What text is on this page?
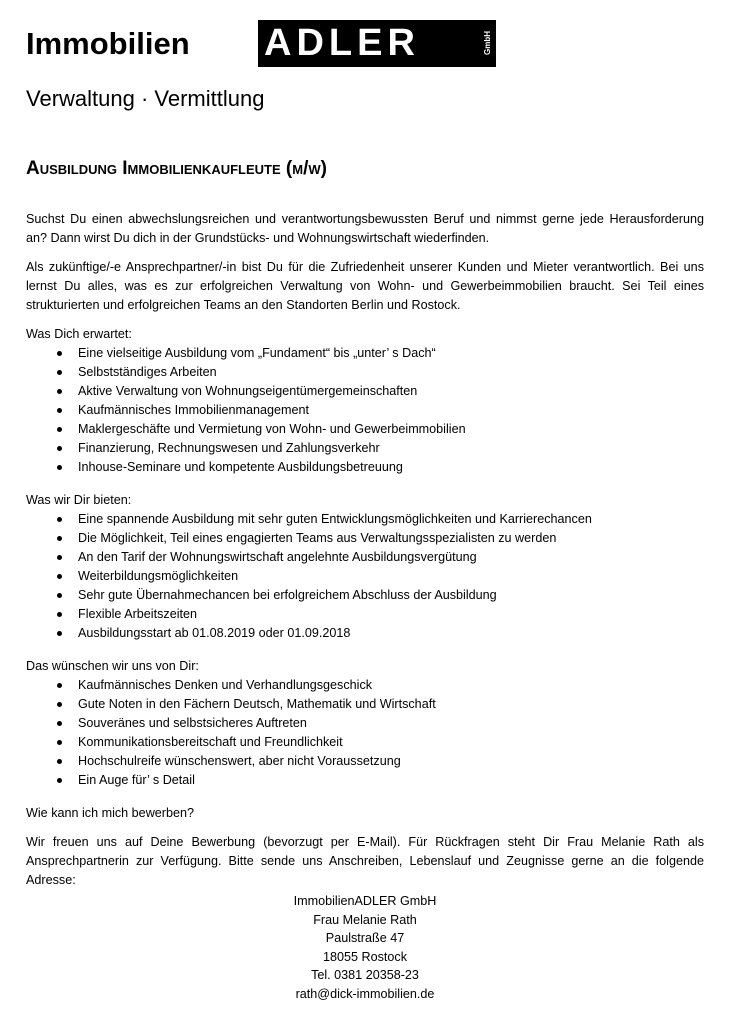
Immobilien ADLER	GmbH
Verwaltung · Vermittlung
Ausbildung Immobilienkaufleute (m/w)

Suchst Du einen abwechslungsreichen und verantwortungsbewussten Beruf und nimmst gerne jede Herausforderung an? Dann wirst Du dich in der Grundstücks- und Wohnungswirtschaft wiederfinden.

Als zukünftige/-e Ansprechpartner/-in bist Du für die Zufriedenheit unserer Kunden und Mieter verantwortlich. Bei uns lernst Du alles, was es zur erfolgreichen Verwaltung von Wohn- und Gewerbeimmobilien braucht. Sei Teil eines strukturierten und erfolgreichen Teams an den Standorten Berlin und Rostock.

Was Dich erwartet:
Eine vielseitige Ausbildung vom „Fundament“ bis „unter’ s Dach“
Selbstständiges Arbeiten
Aktive Verwaltung von Wohnungseigentümergemeinschaften
Kaufmännisches Immobilienmanagement
Maklergeschäfte und Vermietung von Wohn- und Gewerbeimmobilien
Finanzierung, Rechnungswesen und Zahlungsverkehr
Inhouse-Seminare und kompetente Ausbildungsbetreuung
Was wir Dir bieten:
Eine spannende Ausbildung mit sehr guten Entwicklungsmöglichkeiten und Karrierechancen
Die Möglichkeit, Teil eines engagierten Teams aus Verwaltungsspezialisten zu werden
An den Tarif der Wohnungswirtschaft angelehnte Ausbildungsvergütung
Weiterbildungsmöglichkeiten
Sehr gute Übernahmechancen bei erfolgreichem Abschluss der Ausbildung
Flexible Arbeitszeiten
Ausbildungsstart ab 01.08.2019 oder 01.09.2018
Das wünschen wir uns von Dir:
Kaufmännisches Denken und Verhandlungsgeschick
Gute Noten in den Fächern Deutsch, Mathematik und Wirtschaft
Souveränes und selbstsicheres Auftreten
Kommunikationsbereitschaft und Freundlichkeit
Hochschulreife wünschenswert, aber nicht Voraussetzung
Ein Auge für’ s Detail

Wie kann ich mich bewerben?

Wir freuen uns auf Deine Bewerbung (bevorzugt per E-Mail). Für Rückfragen steht Dir Frau Melanie Rath als Ansprechpartnerin zur Verfügung. Bitte sende uns Anschreiben, Lebenslauf und Zeugnisse gerne an die folgende Adresse:

ImmobilienADLER GmbH
Frau Melanie Rath
Paulstraße 47
18055 Rostock
Tel. 0381 20358-23
rath@dick-immobilien.de
